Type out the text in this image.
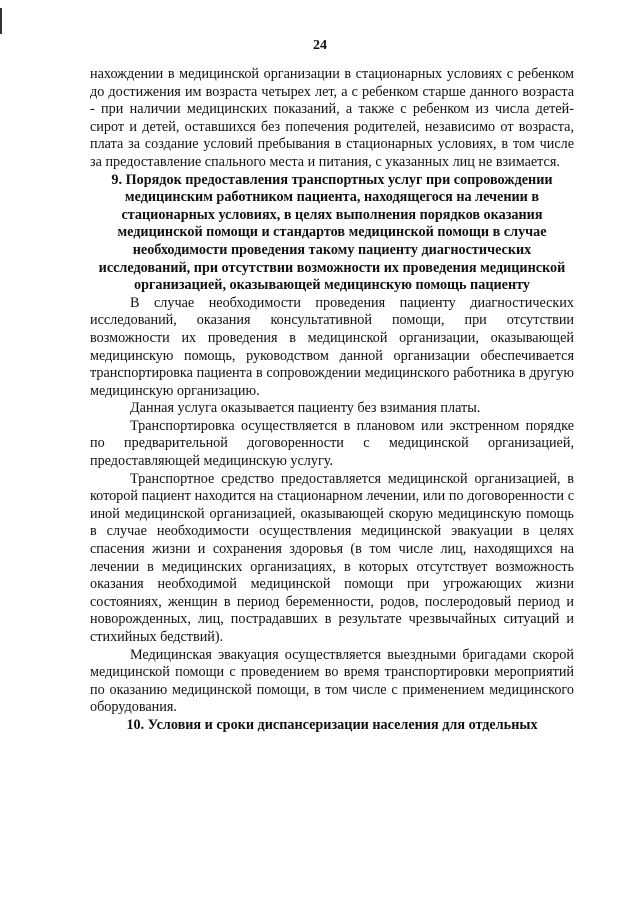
24

нахождении в медицинской организации в стационарных условиях с ребенком до достижения им возраста четырех лет, а с ребенком старше данного возраста - при наличии медицинских показаний, а также с ребенком из числа детей-сирот и детей, оставшихся без попечения родителей, независимо от возраста, плата за создание условий пребывания в стационарных условиях, в том числе за предоставление спального места и питания, с указанных лиц не взимается.

9. Порядок предоставления транспортных услуг при сопровождении медицинским работником пациента, находящегося на лечении в стационарных условиях, в целях выполнения порядков оказания медицинской помощи и стандартов медицинской помощи в случае необходимости проведения такому пациенту диагностических исследований, при отсутствии возможности их проведения медицинской организацией, оказывающей медицинскую помощь пациенту

В случае необходимости проведения пациенту диагностических исследований, оказания консультативной помощи, при отсутствии возможности их проведения в медицинской организации, оказывающей медицинскую помощь, руководством данной организации обеспечивается транспортировка пациента в сопровождении медицинского работника в другую медицинскую организацию.

Данная услуга оказывается пациенту без взимания платы.

Транспортировка осуществляется в плановом или экстренном порядке по предварительной договоренности с медицинской организацией, предоставляющей медицинскую услугу.

Транспортное средство предоставляется медицинской организацией, в которой пациент находится на стационарном лечении, или по договоренности с иной медицинской организацией, оказывающей скорую медицинскую помощь в случае необходимости осуществления медицинской эвакуации в целях спасения жизни и сохранения здоровья (в том числе лиц, находящихся на лечении в медицинских организациях, в которых отсутствует возможность оказания необходимой медицинской помощи при угрожающих жизни состояниях, женщин в период беременности, родов, послеродовый период и новорожденных, лиц, пострадавших в результате чрезвычайных ситуаций и стихийных бедствий).

Медицинская эвакуация осуществляется выездными бригадами скорой медицинской помощи с проведением во время транспортировки мероприятий по оказанию медицинской помощи, в том числе с применением медицинского оборудования.

10. Условия и сроки диспансеризации населения для отдельных
